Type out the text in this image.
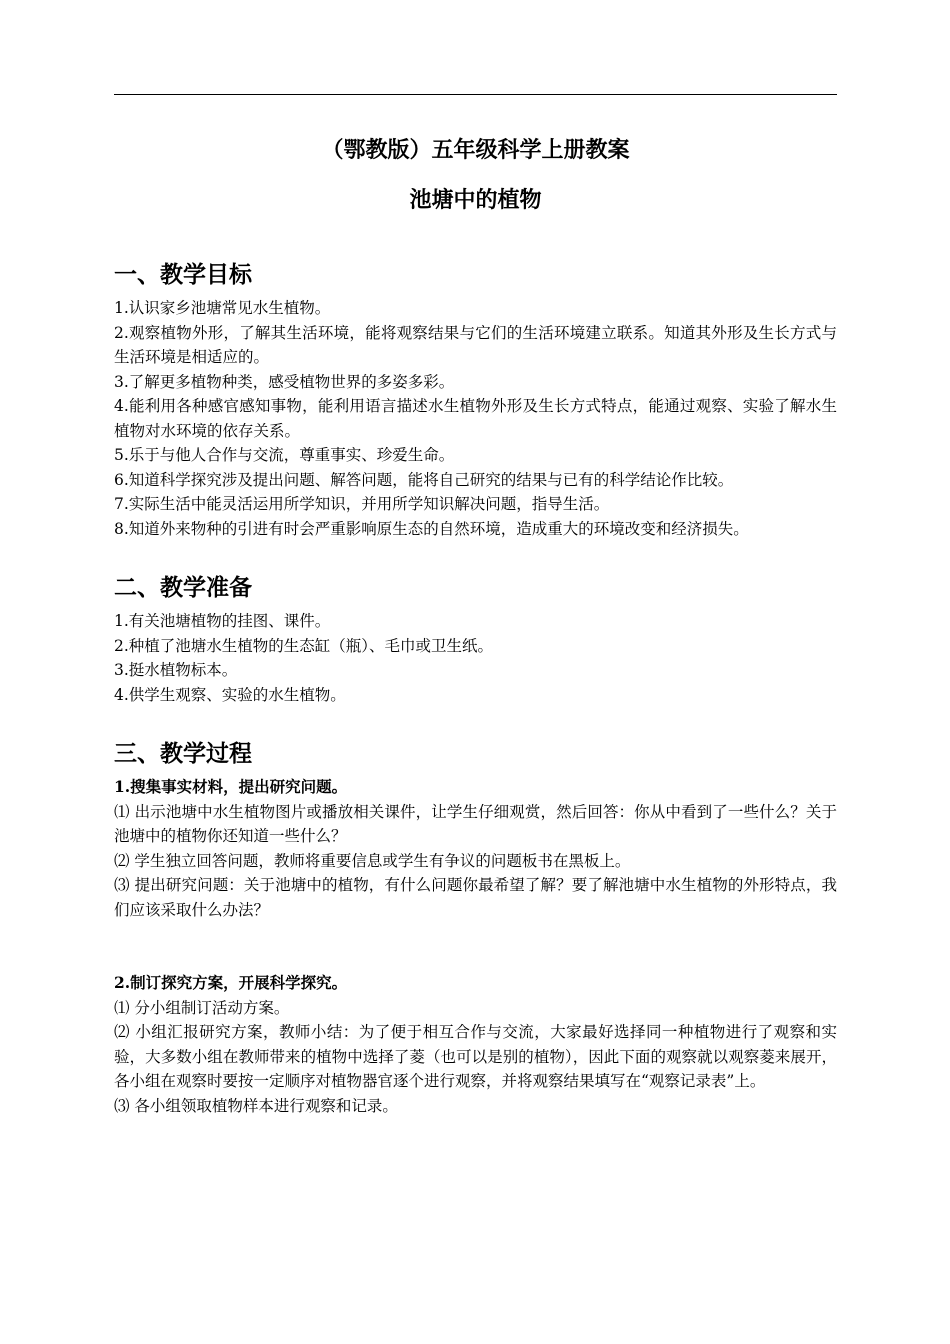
（鄂教版）五年级科学上册教案
池塘中的植物
一、教学目标

1.认识家乡池塘常见水生植物。

2.观察植物外形，了解其生活环境，能将观察结果与它们的生活环境建立联系。知道其外形及生长方式与生活环境是相适应的。

3.了解更多植物种类，感受植物世界的多姿多彩。

4.能利用各种感官感知事物，能利用语言描述水生植物外形及生长方式特点，能通过观察、实验了解水生植物对水环境的依存关系。

5.乐于与他人合作与交流，尊重事实、珍爱生命。

6.知道科学探究涉及提出问题、解答问题，能将自己研究的结果与已有的科学结论作比较。

7.实际生活中能灵活运用所学知识，并用所学知识解决问题，指导生活。

8.知道外来物种的引进有时会严重影响原生态的自然环境，造成重大的环境改变和经济损失。

二、教学准备

1.有关池塘植物的挂图、课件。

2.种植了池塘水生植物的生态缸（瓶）、毛巾或卫生纸。

3.挺水植物标本。

4.供学生观察、实验的水生植物。

三、教学过程

1.搜集事实材料，提出研究问题。

⑴ 出示池塘中水生植物图片或播放相关课件，让学生仔细观赏，然后回答：你从中看到了一些什么？关于池塘中的植物你还知道一些什么？

⑵ 学生独立回答问题，教师将重要信息或学生有争议的问题板书在黑板上。

⑶ 提出研究问题：关于池塘中的植物，有什么问题你最希望了解？要了解池塘中水生植物的外形特点，我们应该采取什么办法？

2.制订探究方案，开展科学探究。

⑴ 分小组制订活动方案。

⑵ 小组汇报研究方案，教师小结：为了便于相互合作与交流，大家最好选择同一种植物进行了观察和实验，大多数小组在教师带来的植物中选择了菱（也可以是别的植物），因此下面的观察就以观察菱来展开，各小组在观察时要按一定顺序对植物器官逐个进行观察，并将观察结果填写在“观察记录表”上。

⑶ 各小组领取植物样本进行观察和记录。
